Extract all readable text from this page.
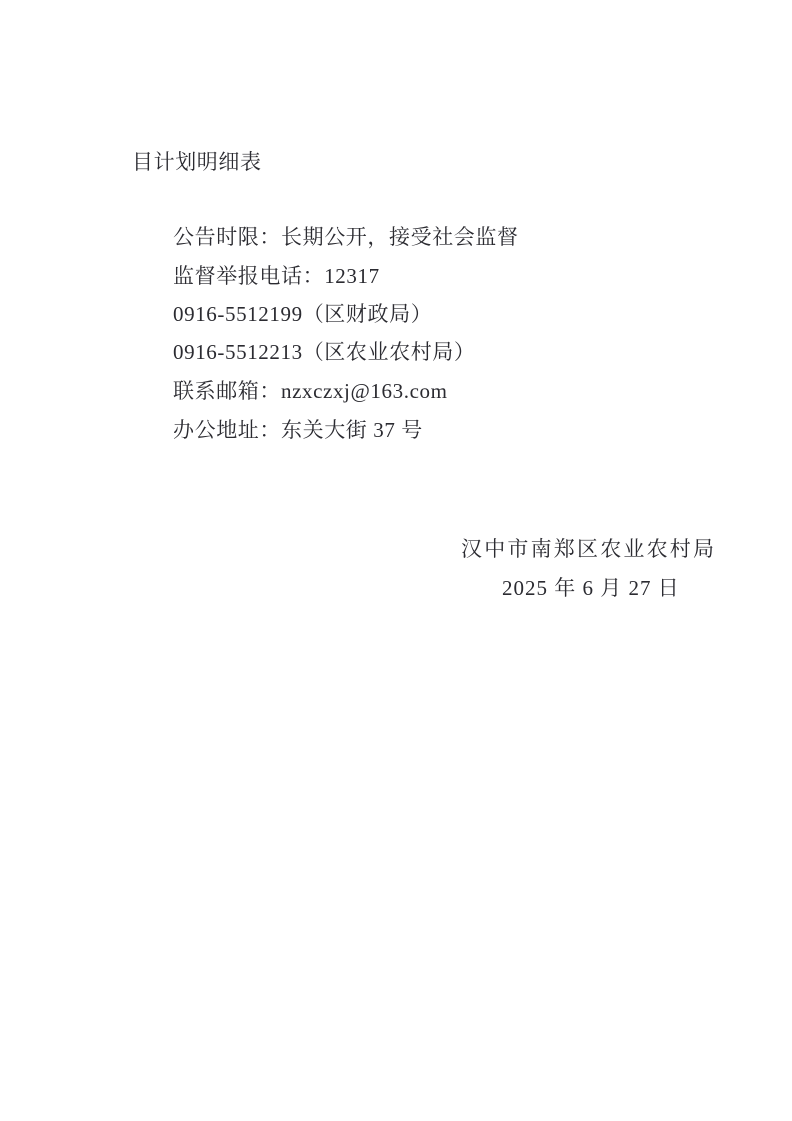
目计划明细表
公告时限：长期公开，接受社会监督
监督举报电话：12317
0916-5512199（区财政局）
0916-5512213（区农业农村局）
联系邮箱：nzxczxj@163.com
办公地址：东关大街 37 号
汉中市南郑区农业农村局
2025 年 6 月 27 日
